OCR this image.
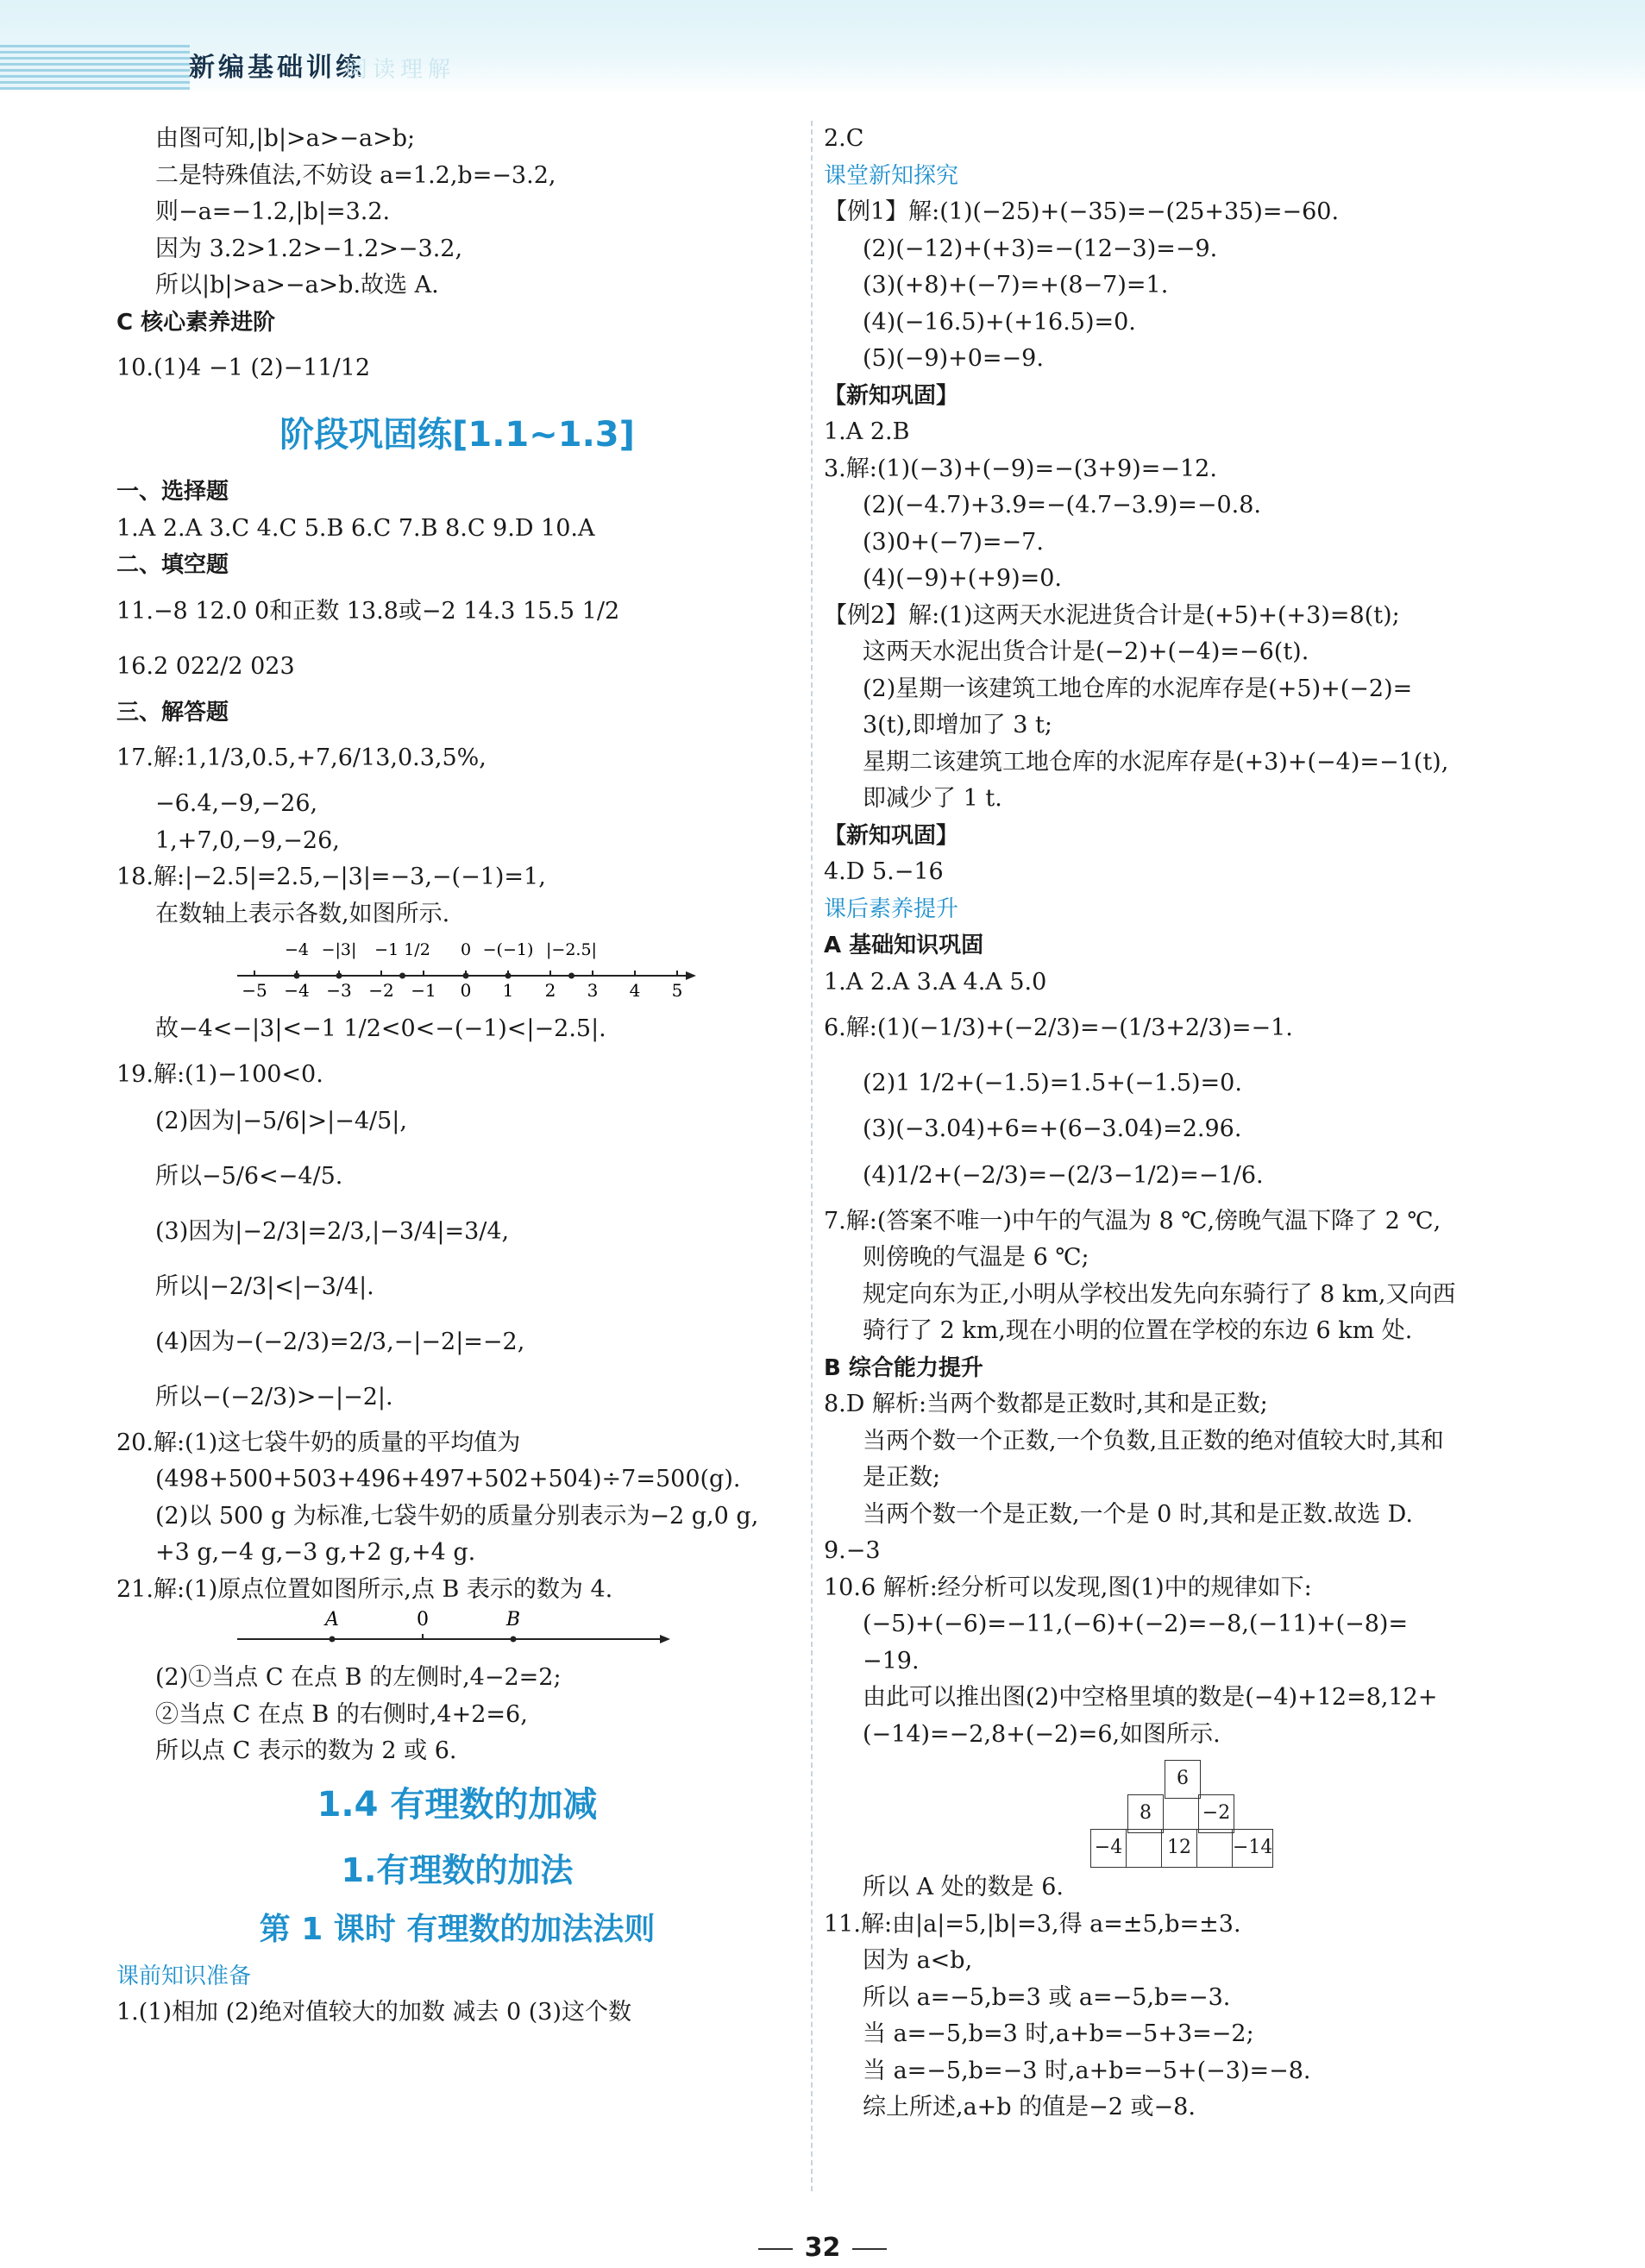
新编基础训练
阅读理解
由图可知,|b|>a>−a>b;
二是特殊值法,不妨设 a=1.2,b=−3.2,
则−a=−1.2,|b|=3.2.
因为 3.2>1.2>−1.2>−3.2,
所以|b|>a>−a>b.故选 A.
C 核心素养进阶
10.(1)4 −1 (2)−11/12
阶段巩固练[1.1~1.3]
一、选择题
1.A 2.A 3.C 4.C 5.B 6.C 7.B 8.C 9.D 10.A
二、填空题
11.−8 12.0 0和正数 13.8或−2 14.3 15.5 1/2
16.2 022/2 023
三、解答题
17.解:1,1/3,0.5,+7,6/13,0.3,5%,
−6.4,−9,−26,
1,+7,0,−9,−26,
18.解:|−2.5|=2.5,−|3|=−3,−(−1)=1,
在数轴上表示各数,如图所示.
−5 −4 −3 −2 −1 0 1 2 3 4 5
−4 −|3| −1 1/2 0 −(−1) |−2.5|
故−4<−|3|<−1 1/2<0<−(−1)<|−2.5|.
19.解:(1)−100<0.
(2)因为|−5/6|>|−4/5|,
所以−5/6<−4/5.
(3)因为|−2/3|=2/3,|−3/4|=3/4,
所以|−2/3|<|−3/4|.
(4)因为−(−2/3)=2/3,−|−2|=−2,
所以−(−2/3)>−|−2|.
20.解:(1)这七袋牛奶的质量的平均值为
(498+500+503+496+497+502+504)÷7=500(g).
(2)以 500 g 为标准,七袋牛奶的质量分别表示为−2 g,0 g,
+3 g,−4 g,−3 g,+2 g,+4 g.
21.解:(1)原点位置如图所示,点 B 表示的数为 4.
A	0	B
(2)①当点 C 在点 B 的左侧时,4−2=2;
②当点 C 在点 B 的右侧时,4+2=6,
所以点 C 表示的数为 2 或 6.
1.4 有理数的加减
1.有理数的加法
第 1 课时 有理数的加法法则
课前知识准备
1.(1)相加 (2)绝对值较大的加数 减去 0 (3)这个数
2.C
课堂新知探究
【例1】解:(1)(−25)+(−35)=−(25+35)=−60.
(2)(−12)+(+3)=−(12−3)=−9.
(3)(+8)+(−7)=+(8−7)=1.
(4)(−16.5)+(+16.5)=0.
(5)(−9)+0=−9.
【新知巩固】
1.A 2.B
3.解:(1)(−3)+(−9)=−(3+9)=−12.
(2)(−4.7)+3.9=−(4.7−3.9)=−0.8.
(3)0+(−7)=−7.
(4)(−9)+(+9)=0.
【例2】解:(1)这两天水泥进货合计是(+5)+(+3)=8(t);
这两天水泥出货合计是(−2)+(−4)=−6(t).
(2)星期一该建筑工地仓库的水泥库存是(+5)+(−2)=
3(t),即增加了 3 t;
星期二该建筑工地仓库的水泥库存是(+3)+(−4)=−1(t),
即减少了 1 t.
【新知巩固】
4.D 5.−16
课后素养提升
A 基础知识巩固
1.A 2.A 3.A 4.A 5.0
6.解:(1)(−1/3)+(−2/3)=−(1/3+2/3)=−1.
(2)1 1/2+(−1.5)=1.5+(−1.5)=0.
(3)(−3.04)+6=+(6−3.04)=2.96.
(4)1/2+(−2/3)=−(2/3−1/2)=−1/6.
7.解:(答案不唯一)中午的气温为 8 ℃,傍晚气温下降了 2 ℃,
则傍晚的气温是 6 ℃;
规定向东为正,小明从学校出发先向东骑行了 8 km,又向西
骑行了 2 km,现在小明的位置在学校的东边 6 km 处.
B 综合能力提升
8.D 解析:当两个数都是正数时,其和是正数;
当两个数一个正数,一个负数,且正数的绝对值较大时,其和
是正数;
当两个数一个是正数,一个是 0 时,其和是正数.故选 D.
9.−3
10.6 解析:经分析可以发现,图(1)中的规律如下:
(−5)+(−6)=−11,(−6)+(−2)=−8,(−11)+(−8)=
−19.
由此可以推出图(2)中空格里填的数是(−4)+12=8,12+
(−14)=−2,8+(−2)=6,如图所示.
6
8		−2
−4		12		−14
所以 A 处的数是 6.
11.解:由|a|=5,|b|=3,得 a=±5,b=±3.
因为 a<b,
所以 a=−5,b=3 或 a=−5,b=−3.
当 a=−5,b=3 时,a+b=−5+3=−2;
当 a=−5,b=−3 时,a+b=−5+(−3)=−8.
综上所述,a+b 的值是−2 或−8.
32
